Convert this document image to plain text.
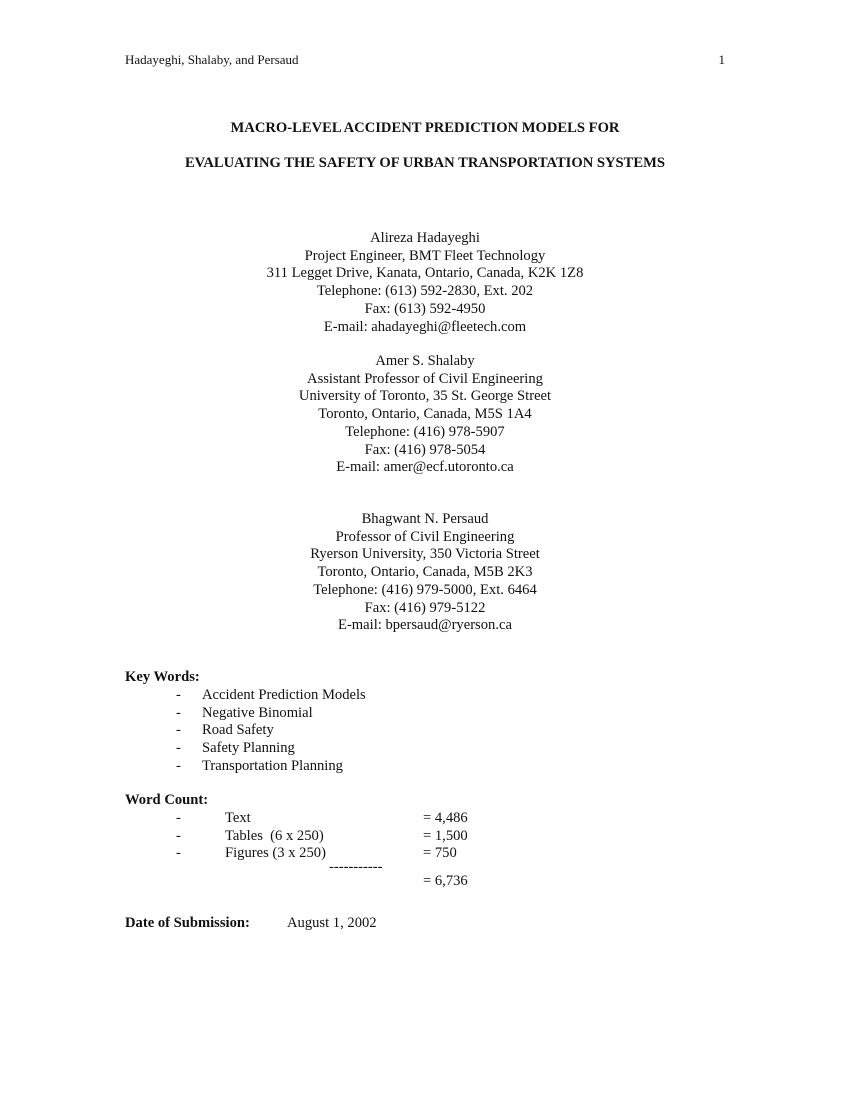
Hadayeghi, Shalaby, and Persaud	1
MACRO-LEVEL ACCIDENT PREDICTION MODELS FOR
EVALUATING THE SAFETY OF URBAN TRANSPORTATION SYSTEMS
Alireza Hadayeghi
Project Engineer, BMT Fleet Technology
311 Legget Drive, Kanata, Ontario, Canada, K2K 1Z8
Telephone: (613) 592-2830, Ext. 202
Fax: (613) 592-4950
E-mail: ahadayeghi@fleetech.com
Amer S. Shalaby
Assistant Professor of Civil Engineering
University of Toronto, 35 St. George Street
Toronto, Ontario, Canada, M5S 1A4
Telephone: (416) 978-5907
Fax: (416) 978-5054
E-mail: amer@ecf.utoronto.ca
Bhagwant N. Persaud
Professor of Civil Engineering
Ryerson University, 350 Victoria Street
Toronto, Ontario, Canada, M5B 2K3
Telephone: (416) 979-5000, Ext. 6464
Fax: (416) 979-5122
E-mail: bpersaud@ryerson.ca
Key Words:
- Accident Prediction Models
- Negative Binomial
- Road Safety
- Safety Planning
- Transportation Planning
Word Count:
-	Text	= 4,486
-	Tables  (6 x 250)	= 1,500
-	Figures (3 x 250)	= 750
-----------
= 6,736
Date of Submission:	August 1, 2002
